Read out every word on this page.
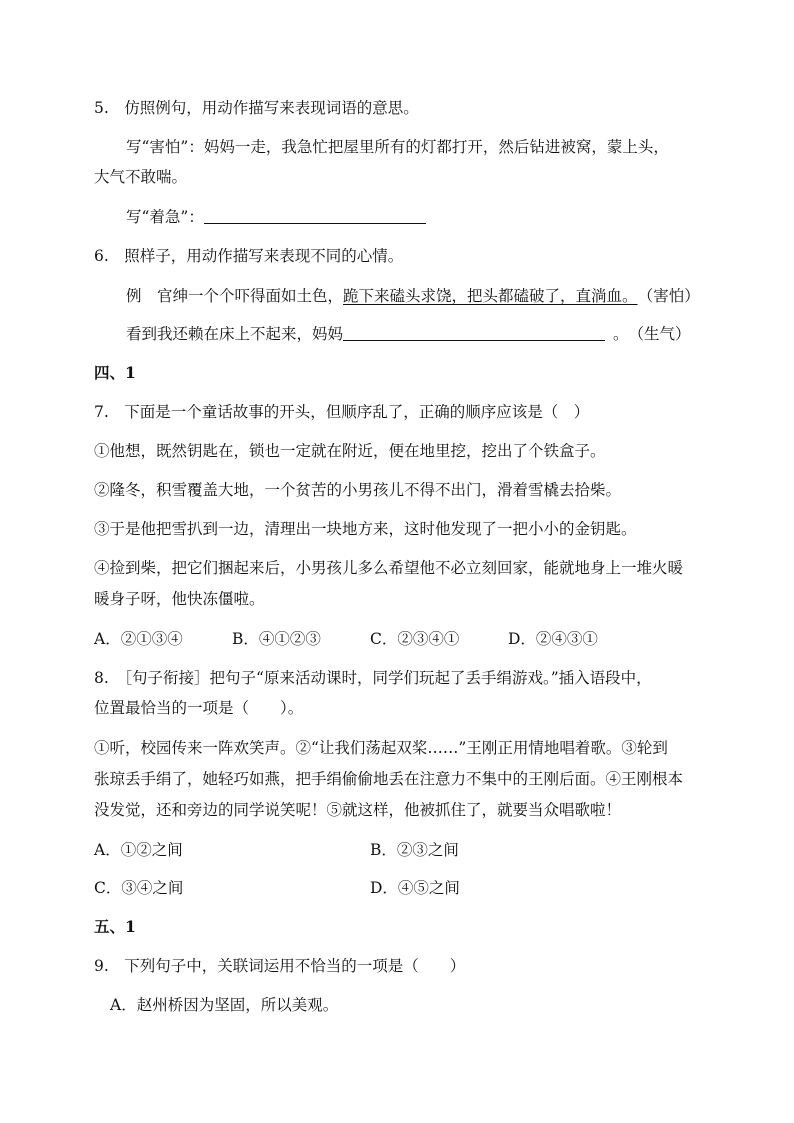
5.　仿照例句，用动作描写来表现词语的意思。
写“害怕”：妈妈一走，我急忙把屋里所有的灯都打开，然后钻进被窝，蒙上头，
大气不敢喘。
写“着急”：
6.　照样子，用动作描写来表现不同的心情。
例　官绅一个个吓得面如土色，跪下来磕头求饶，把头都磕破了，直淌血。 （害怕）
看到我还赖在床上不起来，妈妈	。　（生气）
四、1
7.　下面是一个童话故事的开头，但顺序乱了，正确的顺序应该是（　）
①他想，既然钥匙在，锁也一定就在附近，便在地里挖，挖出了个铁盒子。
②隆冬，积雪覆盖大地，一个贫苦的小男孩儿不得不出门，滑着雪橇去拾柴。
③于是他把雪扒到一边，清理出一块地方来，这时他发现了一把小小的金钥匙。
④捡到柴，把它们捆起来后，小男孩儿多么希望他不必立刻回家，能就地身上一堆火暖
暖身子呀，他快冻僵啦。
A．②①③④	B．④①②③	C．②③④①	D．②④③①
8.　［句子衔接］把句子“原来活动课时，同学们玩起了丢手绢游戏。”插入语段中，
位置最恰当的一项是（　　）。
①听，校园传来一阵欢笑声。②“让我们荡起双桨……”王刚正用情地唱着歌。③轮到
张琼丢手绢了，她轻巧如燕，把手绢偷偷地丢在注意力不集中的王刚后面。④王刚根本
没发觉，还和旁边的同学说笑呢！⑤就这样，他被抓住了，就要当众唱歌啦！
A．①②之间	B．②③之间
C．③④之间	D．④⑤之间
五、1
9.　下列句子中，关联词运用不恰当的一项是（　　）
A．赵州桥因为坚固，所以美观。
